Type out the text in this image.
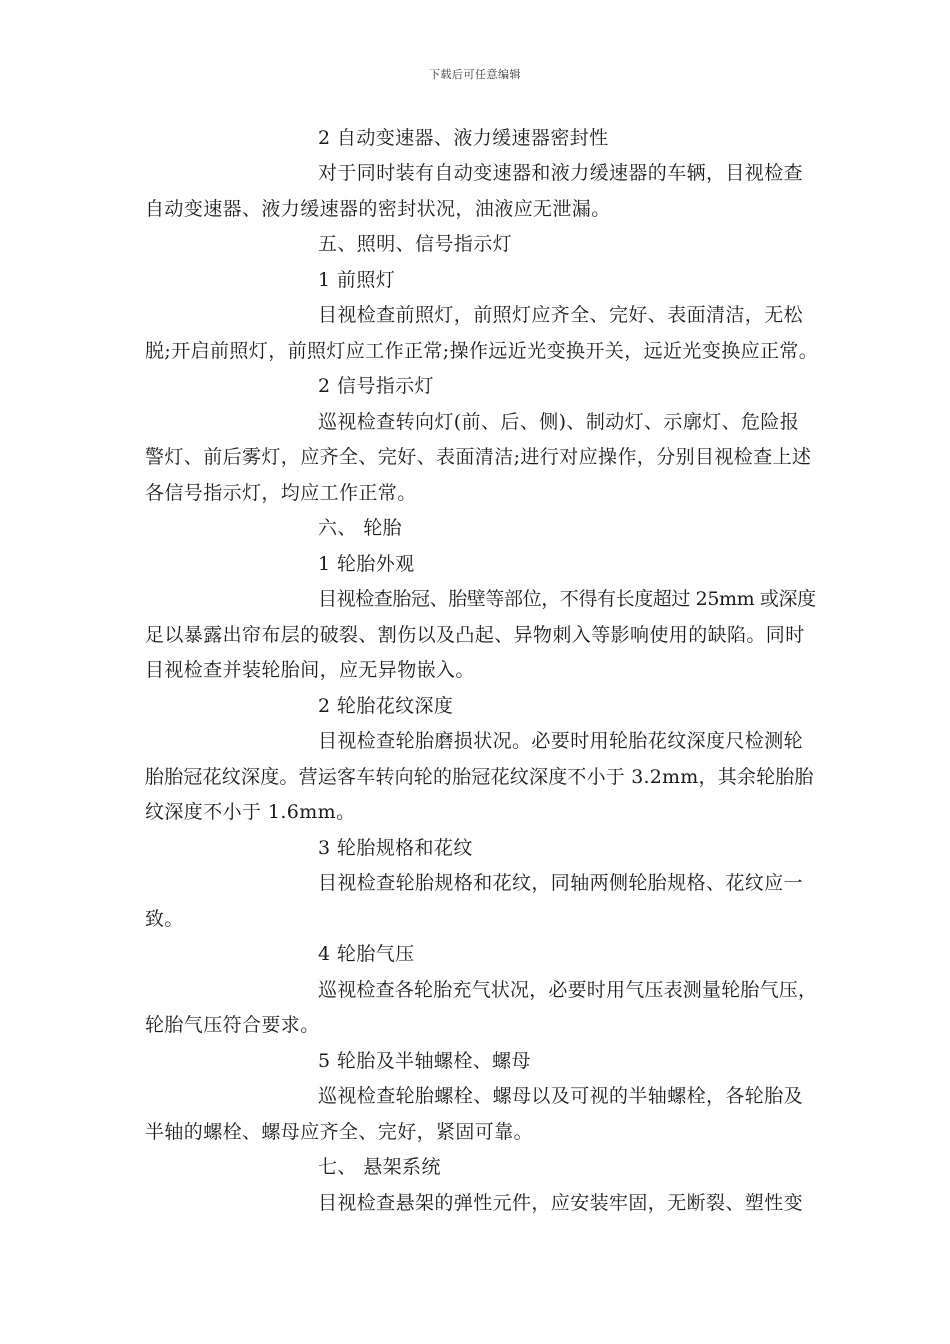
下载后可任意编辑
2 自动变速器、液力缓速器密封性
对于同时装有自动变速器和液力缓速器的车辆，目视检查
自动变速器、液力缓速器的密封状况，油液应无泄漏。
五、照明、信号指示灯
1 前照灯
目视检查前照灯，前照灯应齐全、完好、表面清洁，无松
脱;开启前照灯，前照灯应工作正常;操作远近光变换开关，远近光变换应正常。
2 信号指示灯
巡视检查转向灯(前、后、侧)、制动灯、示廓灯、危险报
警灯、前后雾灯，应齐全、完好、表面清洁;进行对应操作，分别目视检查上述
各信号指示灯，均应工作正常。
六、 轮胎
1 轮胎外观
目视检查胎冠、胎壁等部位，不得有长度超过 25mm 或深度
足以暴露出帘布层的破裂、割伤以及凸起、异物刺入等影响使用的缺陷。同时
目视检查并装轮胎间，应无异物嵌入。
2 轮胎花纹深度
目视检查轮胎磨损状况。必要时用轮胎花纹深度尺检测轮
胎胎冠花纹深度。营运客车转向轮的胎冠花纹深度不小于 3.2mm，其余轮胎胎
纹深度不小于 1.6mm。
3 轮胎规格和花纹
目视检查轮胎规格和花纹，同轴两侧轮胎规格、花纹应一
致。
4 轮胎气压
巡视检查各轮胎充气状况，必要时用气压表测量轮胎气压，
轮胎气压符合要求。
5 轮胎及半轴螺栓、螺母
巡视检查轮胎螺栓、螺母以及可视的半轴螺栓，各轮胎及
半轴的螺栓、螺母应齐全、完好，紧固可靠。
七、 悬架系统
目视检查悬架的弹性元件，应安装牢固，无断裂、塑性变
